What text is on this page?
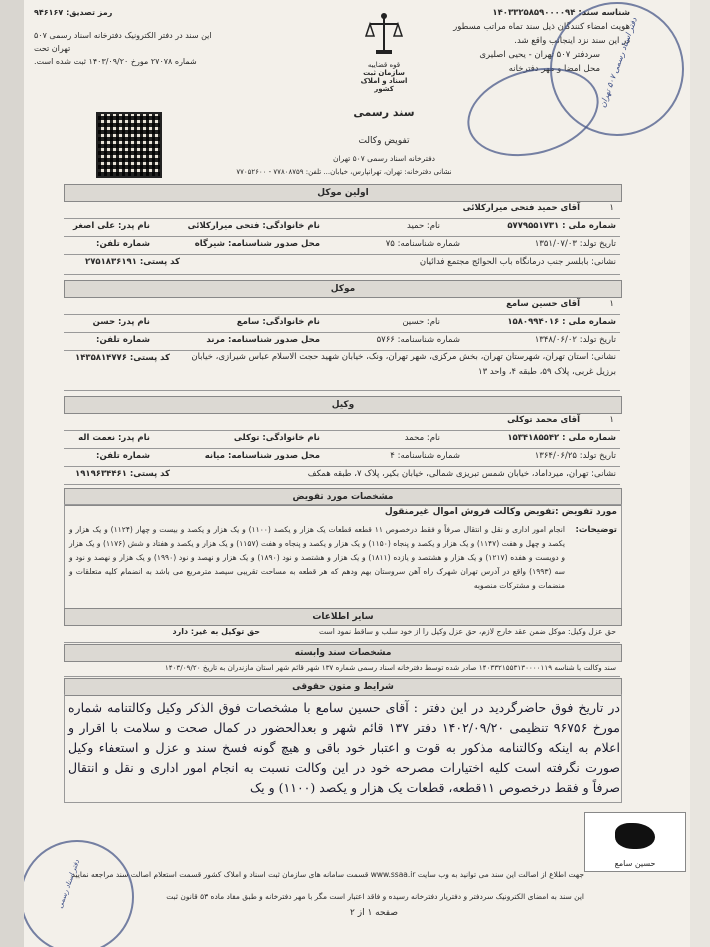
شناسه سند: ۱۴۰۳۳۲۵۸۵۹۰۰۰۰۹۴
هویت امضاء کنندگان ذیل سند تماه مراتب مسطور
در این سند نزد اینجانب واقع شد.
سردفتر ۵۰۷ تهران - یحیی اصلیری
محل امضا و مهر دفترخانه
رمز تصدیق: ۹۴۶۱۶۷
این سند در دفتر الکترونیک دفترخانه اسناد رسمی ۵۰۷ تهران تحت
شماره ۲۷۰۷۸ مورخ ۱۴۰۳/۰۹/۲۰ ثبت شده است.	قوه قضاییه
سازمان ثبت اسناد و املاک کشور
سند رسمی
تفویض وکالت
دفترخانه اسناد رسمی ۵۰۷ تهران
نشانی دفترخانه: تهران، تهرانپارس، خیابان... تلفن: ۷۷۸۰۸۷۵۹ - ۷۷۰۵۲۶۰۰
دفتر اسناد رسمی ۵۰۷ تهران
اولین موکل
۱
آقای حمید فتحی میرارکلائی
شماره ملی : ۵۷۷۹۵۵۱۷۳۱
نام: حمید
نام خانوادگی: فتحی میرارکلائی
نام پدر: علی اصغر
تاریخ تولد: ۱۳۵۱/۰۷/۰۳
شماره شناسنامه: ۷۵
محل صدور شناسنامه: شیرگاه
شماره تلفن:
نشانی: بابلسر جنب درمانگاه باب الحوائج مجتمع فدائیان
کد پستی: ۲۷۵۱۸۳۶۱۹۱
موکل
۱
آقای حسین سامع
شماره ملی : ۱۵۸۰۹۹۴۰۱۶
نام: حسین
نام خانوادگی: سامع
نام پدر: حسن
تاریخ تولد: ۱۳۴۸/۰۶/۰۲
شماره شناسنامه: ۵۷۶۶
محل صدور شناسنامه: مرند
شماره تلفن:
نشانی: استان تهران، شهرستان تهران، بخش مرکزی، شهر تهران، ونک، خیابان شهید حجت الاسلام عباس شیرازی، خیابان برزیل غربی، پلاک ۵۹، طبقه ۴، واحد ۱۳
کد پستی: ۱۴۳۵۸۱۴۷۷۶
وکیل
۱
آقای محمد توکلی
شماره ملی : ۱۵۳۴۱۸۵۵۴۲
نام: محمد
نام خانوادگی: توکلی
نام پدر: نعمت اله
تاریخ تولد: ۱۳۶۴/۰۶/۲۵
شماره شناسنامه: ۴
محل صدور شناسنامه: میانه
شماره تلفن:
نشانی: تهران، میرداماد، خیابان شمس تبریزی شمالی، خیابان بکیر، پلاک ۷، طبقه همکف
کد پستی: ۱۹۱۹۶۳۴۴۶۱
مشخصات مورد تفویض
مورد تفویض :تفویض وکالت فروش اموال غیرمنقول
توضیحات:
انجام امور اداری و نقل و انتقال صرفاً و فقط درخصوص ۱۱ قطعه قطعات یک هزار و یکصد (۱۱۰۰) و یک هزار و یکصد و بیست و چهار (۱۱۲۴) و یک هزار و یکصد و چهل و هفت (۱۱۴۷) و یک هزار و یکصد و پنجاه (۱۱۵۰) و یک هزار و یکصد و پنجاه و هفت (۱۱۵۷) و یک هزار و یکصد و هفتاد و شش (۱۱۷۶) و یک هزار و دویست و هفده (۱۲۱۷) و یک هزار و هشتصد و یازده (۱۸۱۱) و یک هزار و هشتصد و نود (۱۸۹۰) و یک هزار و نهصد و نود (۱۹۹۰) و یک هزار و نهصد و نود و سه (۱۹۹۳) واقع در آدرس تهران شهرک راه آهن سروستان بهم ودهم که هر قطعه به مساحت تقریبی سیصد مترمربع می باشد به انضمام کلیه متعلقات و منضمات و مشترکات منصوبه
سایر اطلاعات
حق عزل وکیل: موکل ضمن عقد خارج لازم، حق عزل وکیل را از خود سلب و ساقط نمود است
حق توکیل به غیر: دارد
مشخصات سند وابسته
سند وکالت با شناسه ۱۴۰۳۳۲۱۵۵۳۱۳۰۰۰۰۱۱۹ صادر شده توسط دفترخانه اسناد رسمی شماره ۱۳۷ شهر قائم شهر استان مازندران به تاریخ ۱۴۰۳/۰۹/۲۰
شرایط و متون حقوقی
در تاریخ فوق حاضرگردید در این دفتر : آقای حسین سامع با مشخصات فوق الذکر وکیل وکالتنامه شماره مورخ ۹۶۷۵۶ تنظیمی ۱۴۰۲/۰۹/۲۰ دفتر ۱۳۷ قائم شهر و بعدالحضور در کمال صحت و سلامت با اقرار و اعلام به اینکه وکالتنامه مذکور به قوت و اعتبار خود باقی و هیچ گونه فسخ سند و عزل و استعفاء وکیل صورت نگرفته است کلیه اختیارات مصرحه خود در این وکالت نسبت به انجام امور اداری و نقل و انتقال صرفاً و فقط درخصوص ۱۱قطعه، قطعات یک هزار و یکصد (۱۱۰۰) و یک
حسین سامع
دفتر اسناد رسمی
جهت اطلاع از اصالت این سند می توانید به وب سایت www.ssaa.ir قسمت سامانه های سازمان ثبت اسناد و املاک کشور قسمت استعلام اصالت سند مراجعه نمایید
این سند به امضای الکترونیک سردفتر و دفتریار دفترخانه رسیده و فاقد اعتبار است مگر با مهر دفترخانه و طبق مفاد ماده ۵۳ قانون ثبت
صفحه ۱ از ۲
